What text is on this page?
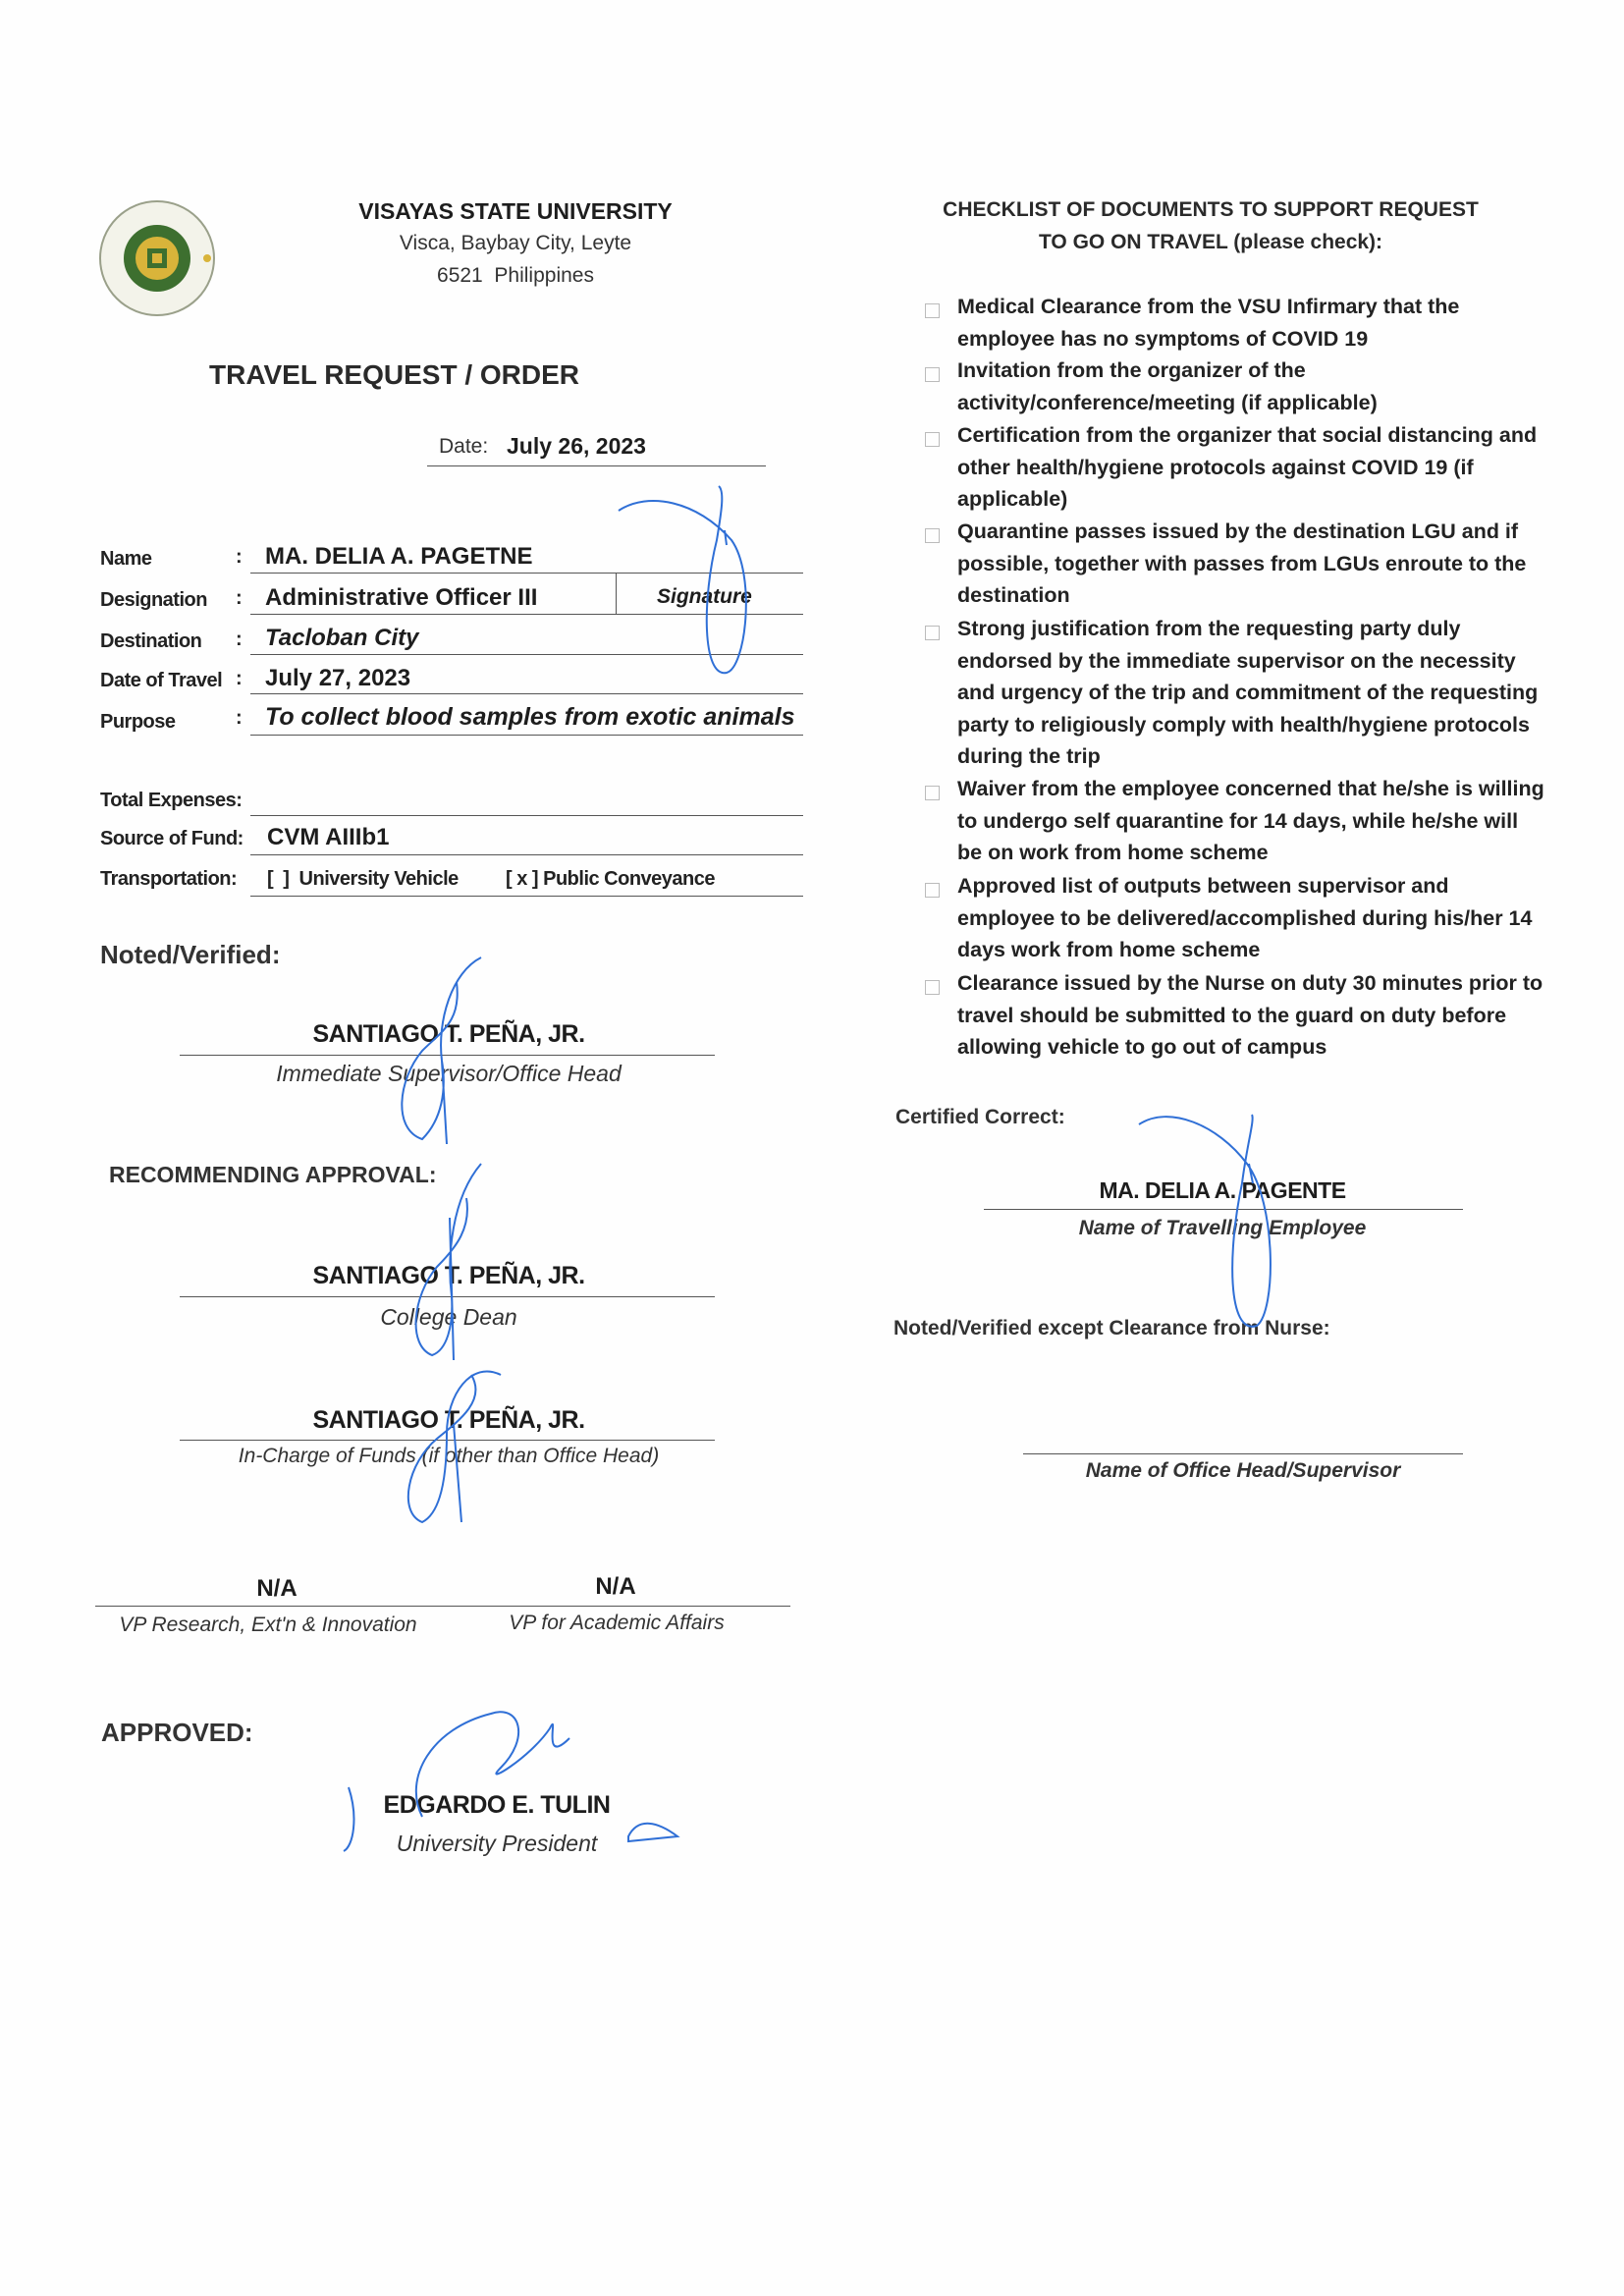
VISAYAS STATE UNIVERSITY
Visca, Baybay City, Leyte
6521  Philippines
TRAVEL REQUEST / ORDER
Date: July 26, 2023
Name	: MA. DELIA A. PAGETNE
Designation : Administrative Officer III	Signature
Destination : Tacloban City
Date of Travel : July 27, 2023
Purpose	: To collect blood samples from exotic animals
Total Expenses:
Source of Fund: CVM AIIIb1
Transportation: [  ]  University Vehicle [ x ] Public Conveyance
Noted/Verified:
SANTIAGO T. PEÑA, JR.
Immediate Supervisor/Office Head
RECOMMENDING APPROVAL:
SANTIAGO T. PEÑA, JR.
College Dean
SANTIAGO T. PEÑA, JR.
In-Charge of Funds (if other than Office Head)
N/A	N/A
VP Research, Ext'n & Innovation	VP for Academic Affairs
APPROVED:
EDGARDO E. TULIN
University President
CHECKLIST OF DOCUMENTS TO SUPPORT REQUEST
TO GO ON TRAVEL (please check):
Medical Clearance from the VSU Infirmary that the employee has no symptoms of COVID 19
Invitation from the organizer of the activity/conference/meeting (if applicable)
Certification from the organizer that social distancing and other health/hygiene protocols against COVID 19 (if applicable)
Quarantine passes issued by the destination LGU and if possible, together with passes from LGUs enroute to the destination
Strong justification from the requesting party duly endorsed by the immediate supervisor on the necessity and urgency of the trip and commitment of the requesting party to religiously comply with health/hygiene protocols during the trip
Waiver from the employee concerned that he/she is willing to undergo self quarantine for 14 days, while he/she will be on work from home scheme
Approved list of outputs between supervisor and employee to be delivered/accomplished during his/her 14 days work from home scheme
Clearance issued by the Nurse on duty 30 minutes prior to travel should be submitted to the guard on duty before allowing vehicle to go out of campus
Certified Correct:
MA. DELIA A. PAGENTE
Name of Travelling Employee
Noted/Verified except Clearance from Nurse:
Name of Office Head/Supervisor
